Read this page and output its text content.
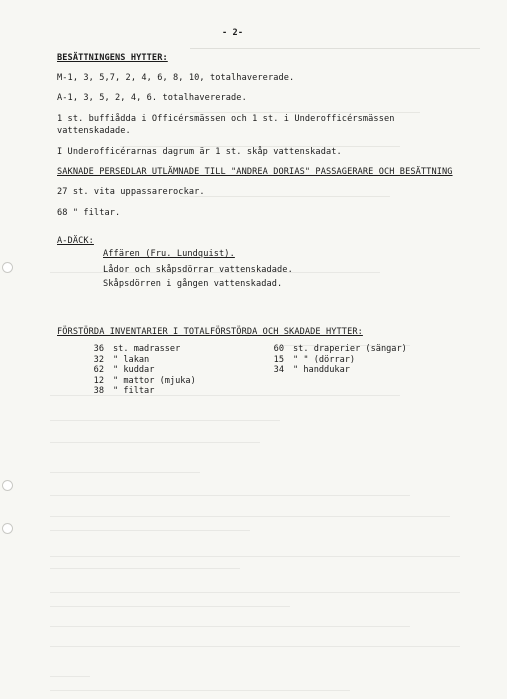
- 2-
BESÄTTNINGENS HYTTER:
M-1, 3, 5,7, 2, 4, 6, 8, 10, totalhavererade.
A-1, 3, 5, 2, 4, 6. totalhavererade.
1 st. buffiådda i Officérsmässen och 1 st. i Underofficérsmässen
vattenskadade.
I Underofficérarnas dagrum är 1 st. skåp vattenskadat.
SAKNADE PERSEDLAR UTLÄMNADE TILL "ANDREA DORIAS" PASSAGERARE OCH BESÄTTNING
27 st. vita uppassarerockar.
68 " filtar.
A-DÄCK:
Affären (Fru. Lundquist).
Lådor och skåpsdörrar vattenskadade.
Skåpsdörren i gången vattenskadad.
FÖRSTÖRDA INVENTARIER I TOTALFÖRSTÖRDA OCH SKADADE HYTTER:
36
32
62
12
38
st. madrasser
" lakan
" kuddar
" mattor (mjuka)
" filtar
60
15
34
st. draperier (sängar)
" " (dörrar)
" handdukar
